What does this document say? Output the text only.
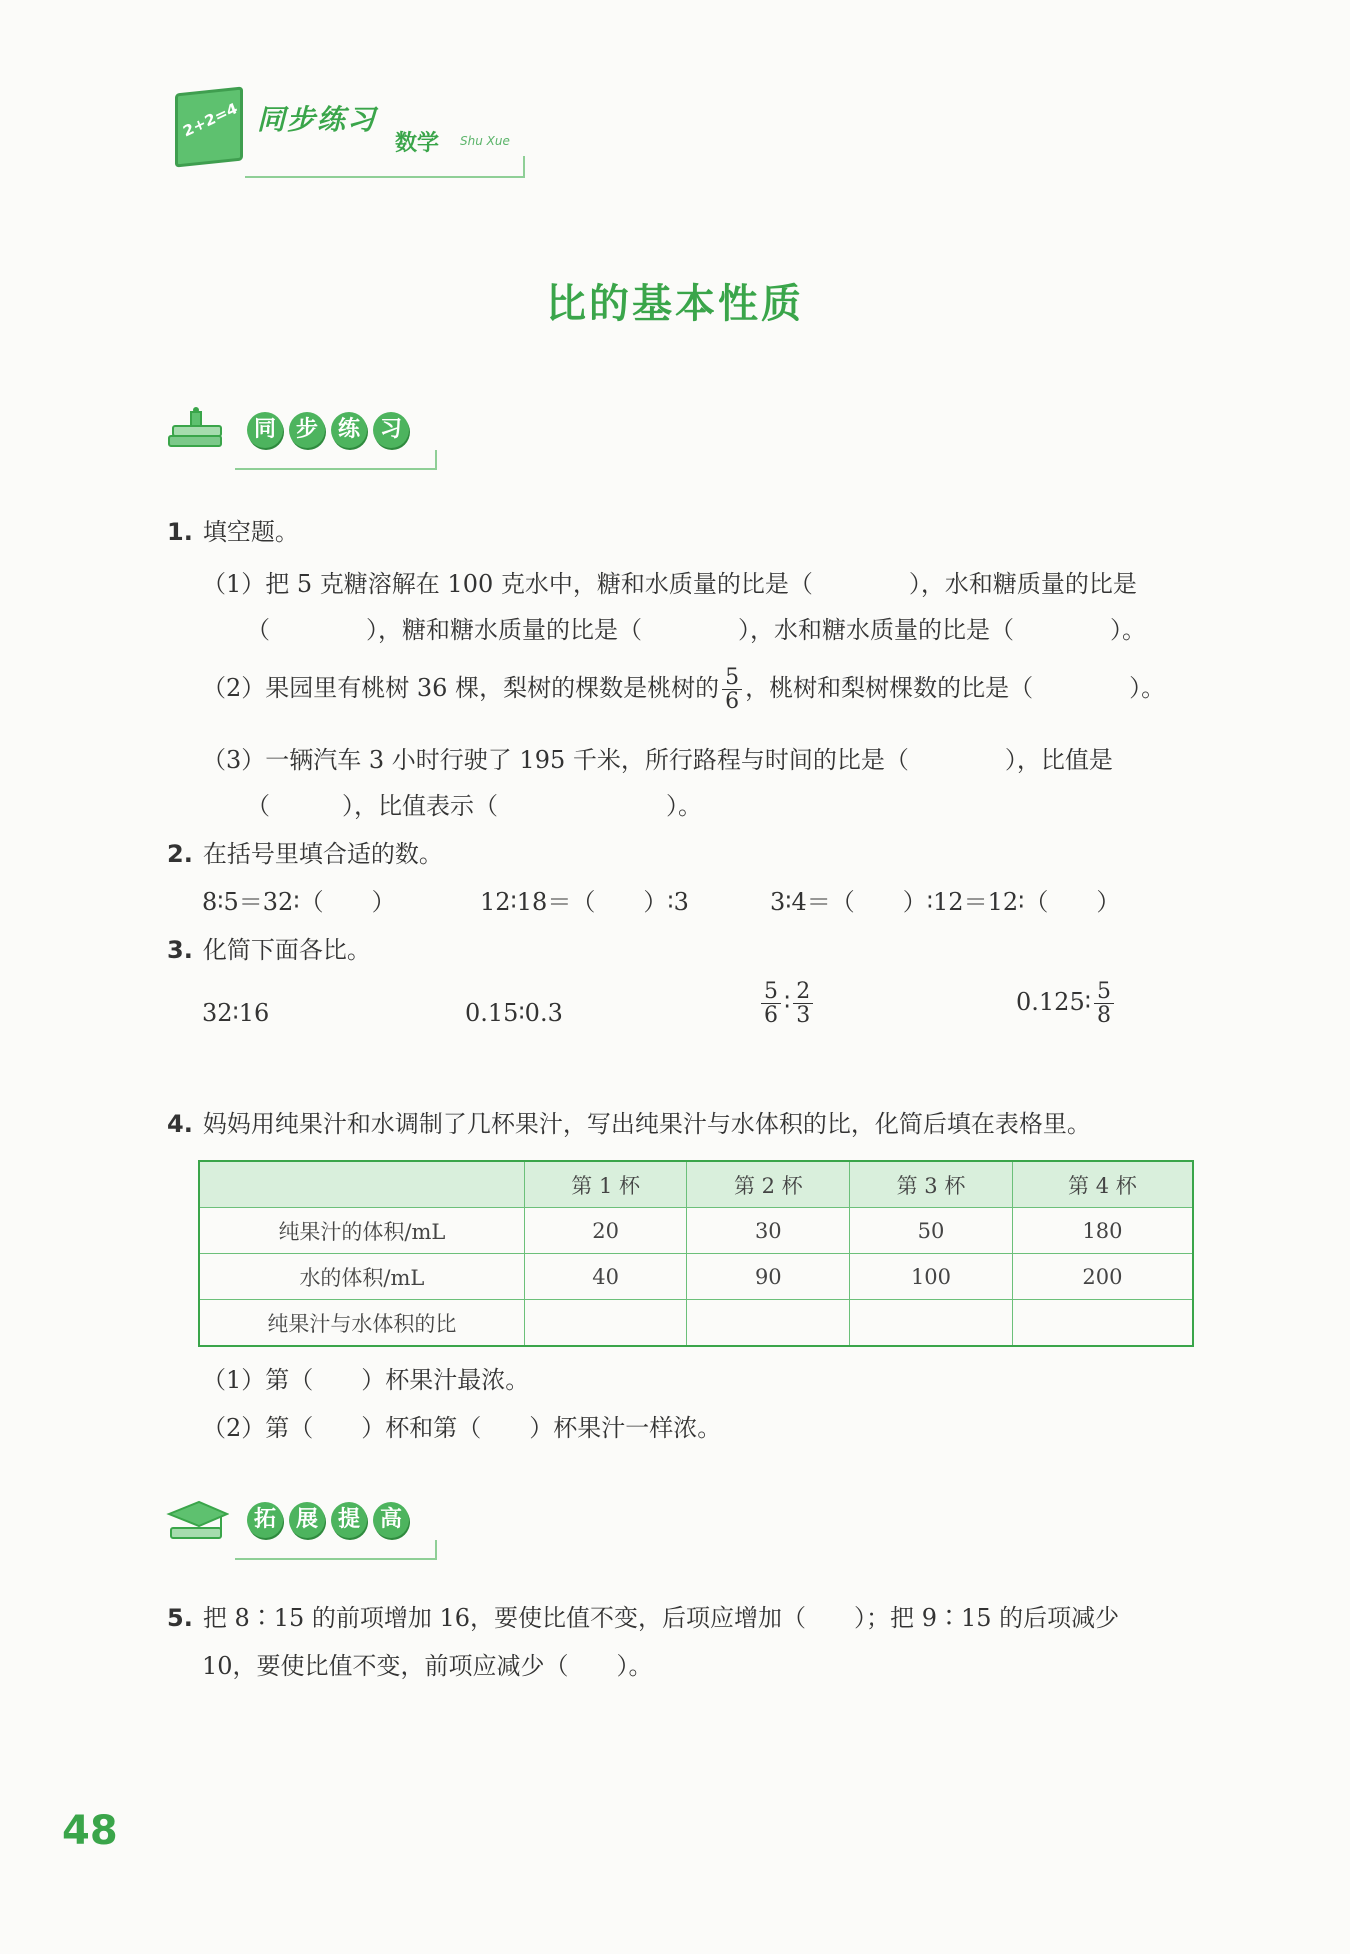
2+2=4 同步练习
数学 Shu Xue
比的基本性质
同 步 练 习
1. 填空题。
（1）把 5 克糖溶解在 100 克水中，糖和水质量的比是（　　　　），水和糖质量的比是
（　　　　），糖和糖水质量的比是（　　　　），水和糖水质量的比是（　　　　）。
（2）果园里有桃树 36 棵，梨树的棵数是桃树的 $\frac{5}{6}$ ，桃树和梨树棵数的比是（　　　　）。
（3）一辆汽车 3 小时行驶了 195 千米，所行路程与时间的比是（　　　　），比值是
（　　　），比值表示（　　　　　　　）。
2. 在括号里填合适的数。
8∶5＝32∶（　　）	12∶18＝（　　）∶3	3∶4＝（　　）∶12＝12∶（　　）
3. 化简下面各比。
32∶16	0.15∶0.3	$\frac{5}{6}$ ∶ $\frac{2}{3}$	0.125∶ $\frac{5}{8}$
4. 妈妈用纯果汁和水调制了几杯果汁，写出纯果汁与水体积的比，化简后填在表格里。
	第 1 杯	第 2 杯	第 3 杯	第 4 杯
纯果汁的体积/mL	20	30	50	180
水的体积/mL	40	90	100	200
纯果汁与水体积的比				
（1）第（　　）杯果汁最浓。
（2）第（　　）杯和第（　　）杯果汁一样浓。
拓 展 提 高
5. 把 8∶15 的前项增加 16，要使比值不变，后项应增加（　　）；把 9∶15 的后项减少
10，要使比值不变，前项应减少（　　）。
48
